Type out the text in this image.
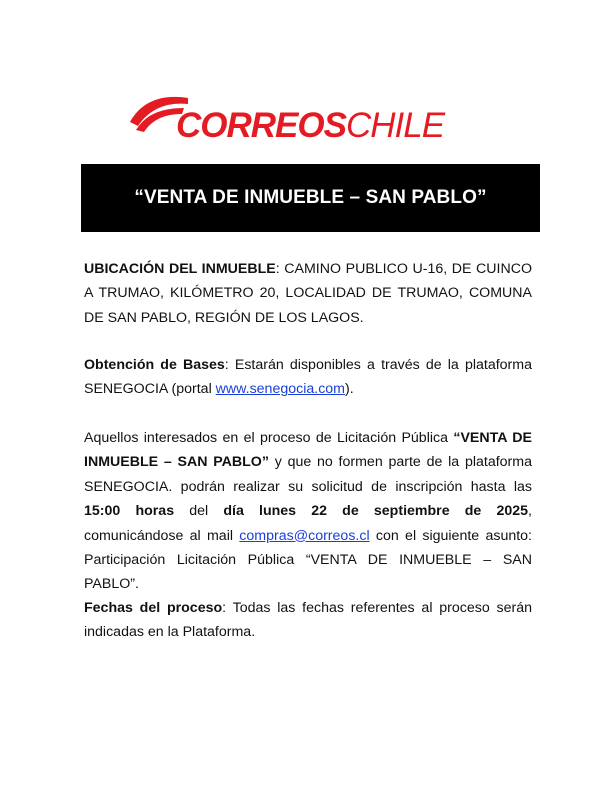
CORREOSCHILE
“VENTA DE INMUEBLE – SAN PABLO”

UBICACIÓN DEL INMUEBLE: CAMINO PUBLICO U-16, DE CUINCO A TRUMAO, KILÓMETRO 20, LOCALIDAD DE TRUMAO, COMUNA DE SAN PABLO, REGIÓN DE LOS LAGOS.

Obtención de Bases: Estarán disponibles a través de la plataforma SENEGOCIA (portal www.senegocia.com).

Aquellos interesados en el proceso de Licitación Pública “VENTA DE INMUEBLE – SAN PABLO” y que no formen parte de la plataforma SENEGOCIA. podrán realizar su solicitud de inscripción hasta las 15:00 horas del día lunes 22 de septiembre de 2025, comunicándose al mail compras@correos.cl con el siguiente asunto: Participación Licitación Pública “VENTA DE INMUEBLE – SAN PABLO”.

Fechas del proceso: Todas las fechas referentes al proceso serán indicadas en la Plataforma.
